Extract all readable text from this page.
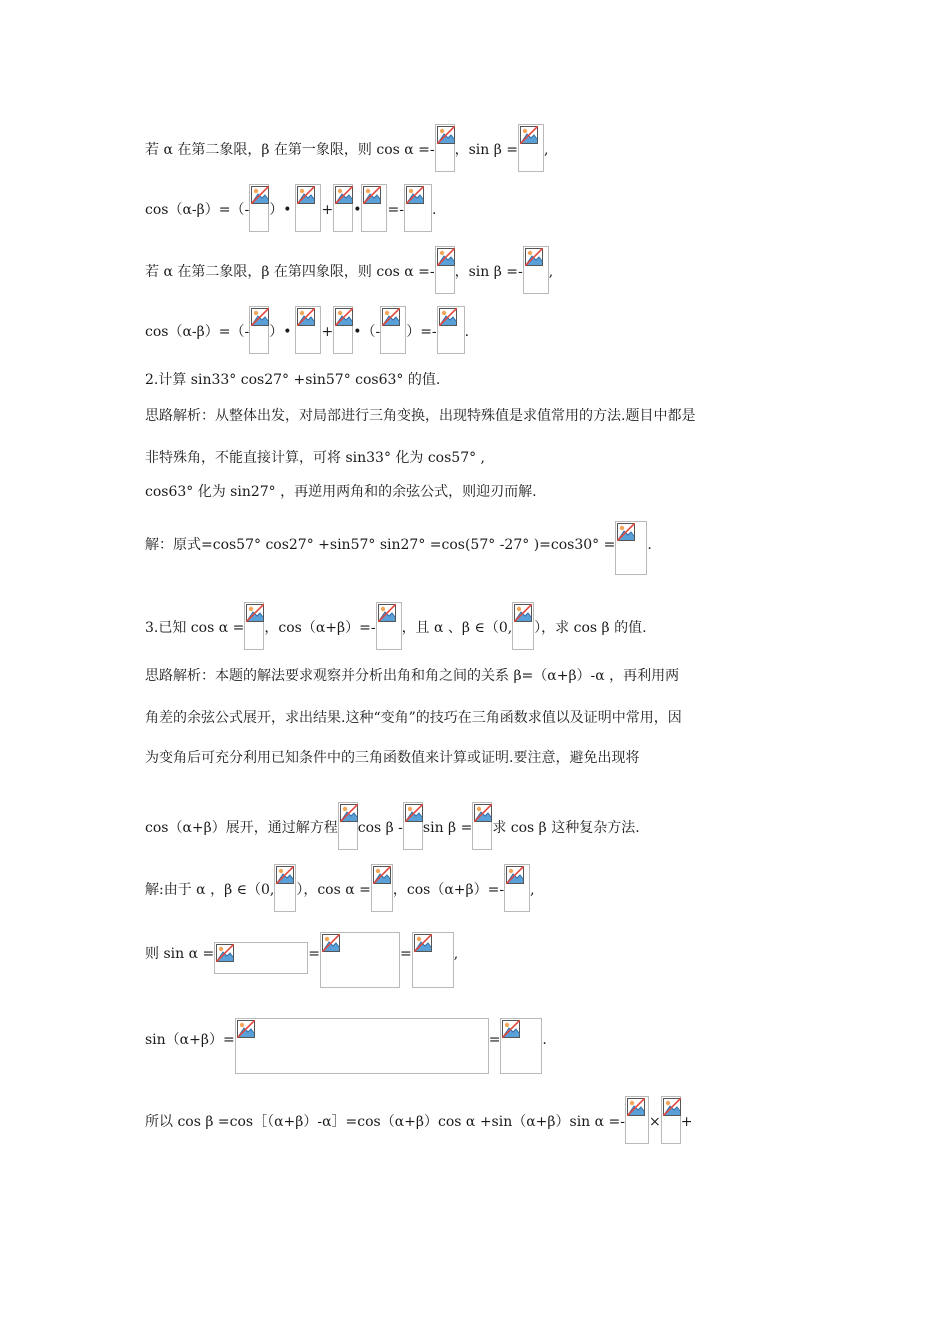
若 α 在第二象限，β 在第一象限，则 cos α =- ，sin β = ,
cos（α-β）=（- ）• + • =- .
若 α 在第二象限，β 在第四象限，则 cos α =- ，sin β =- ,
cos（α-β）=（- ）• + •（- ）=- .
2.计算 sin33° cos27° +sin57° cos63° 的值.
思路解析：从整体出发，对局部进行三角变换，出现特殊值是求值常用的方法.题目中都是
非特殊角，不能直接计算，可将 sin33° 化为 cos57° ,
cos63° 化为 sin27° ，再逆用两角和的余弦公式，则迎刃而解.
解：原式=cos57° cos27° +sin57° sin27° =cos(57° -27° )=cos30° = .
3.已知 cos α = ，cos（α+β）=- ，且 α 、β ∈（0, ），求 cos β 的值.
思路解析：本题的解法要求观察并分析出角和角之间的关系 β=（α+β）-α ，再利用两
角差的余弦公式展开，求出结果.这种“变角”的技巧在三角函数求值以及证明中常用，因
为变角后可充分利用已知条件中的三角函数值来计算或证明.要注意，避免出现将
cos（α+β）展开，通过解方程 cos β - sin β = 求 cos β 这种复杂方法.
解:由于 α ，β ∈（0, ），cos α = ，cos（α+β）=- ,
则 sin α =	=	=	,
sin（α+β）=	=	.
所以 cos β =cos［（α+β）-α］=cos（α+β）cos α +sin（α+β）sin α =- × +
